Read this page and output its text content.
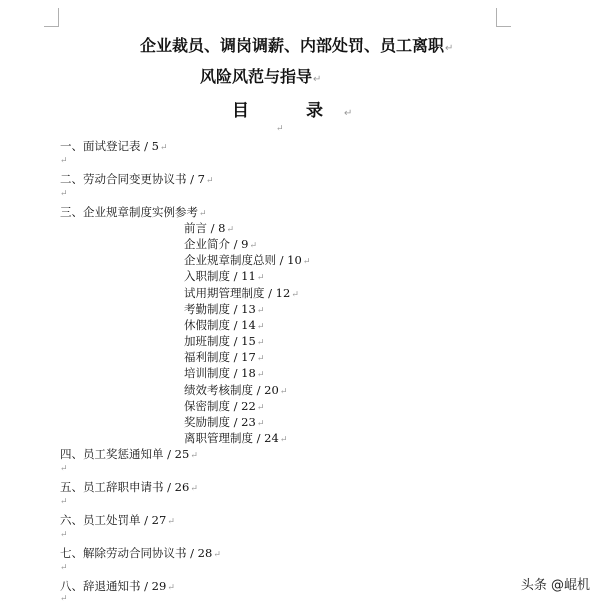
企业裁员、调岗调薪、内部处罚、员工离职↵
风险风范与指导↵
目　录↵
↵
一、面试登记表 / 5↵
↵
二、劳动合同变更协议书 / 7↵
↵
三、企业规章制度实例参考↵
前言 / 8↵
企业简介 / 9↵
企业规章制度总则 / 10↵
入职制度 / 11↵
试用期管理制度 / 12↵
考勤制度 / 13↵
休假制度 / 14↵
加班制度 / 15↵
福利制度 / 17↵
培训制度 / 18↵
绩效考核制度 / 20↵
保密制度 / 22↵
奖励制度 / 23↵
离职管理制度 / 24↵
四、员工奖惩通知单 / 25↵
↵
五、员工辞职申请书 / 26↵
↵
六、员工处罚单 / 27↵
↵
七、解除劳动合同协议书 / 28↵
↵
八、辞退通知书 / 29↵
↵
头条 @崐机
